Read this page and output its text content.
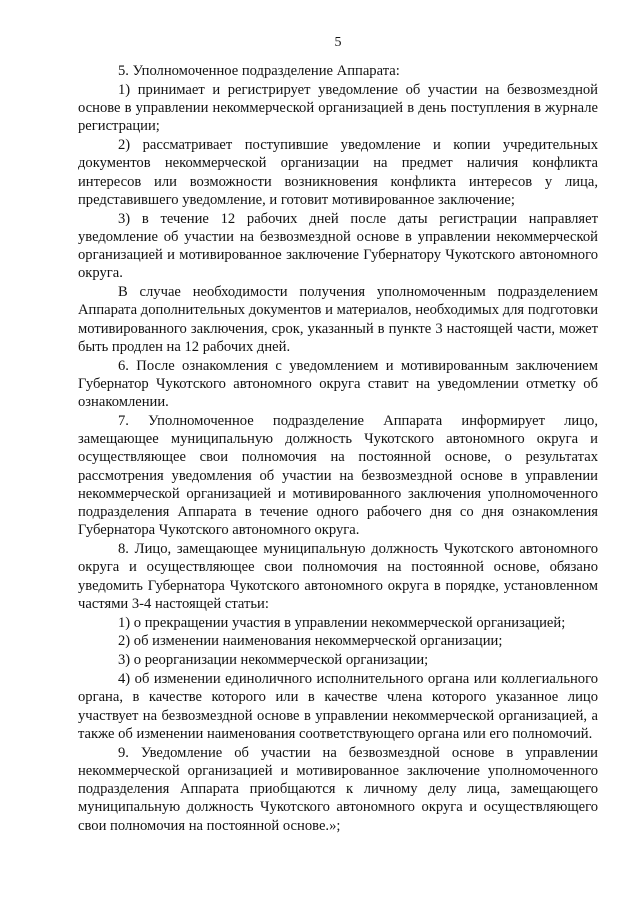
5

5. Уполномоченное подразделение Аппарата:

1) принимает и регистрирует уведомление об участии на безвозмездной основе в управлении некоммерческой организацией в день поступления в журнале регистрации;

2) рассматривает поступившие уведомление и копии учредительных документов некоммерческой организации на предмет наличия конфликта интересов или возможности возникновения конфликта интересов у лица, представившего уведомление, и готовит мотивированное заключение;

3) в течение 12 рабочих дней после даты регистрации направляет уведомление об участии на безвозмездной основе в управлении некоммерческой организацией и мотивированное заключение Губернатору Чукотского автономного округа.

В случае необходимости получения уполномоченным подразделением Аппарата дополнительных документов и материалов, необходимых для подготовки мотивированного заключения, срок, указанный в пункте 3 настоящей части, может быть продлен на 12 рабочих дней.

6. После ознакомления с уведомлением и мотивированным заключением Губернатор Чукотского автономного округа ставит на уведомлении отметку об ознакомлении.

7. Уполномоченное подразделение Аппарата информирует лицо, замещающее муниципальную должность Чукотского автономного округа и осуществляющее свои полномочия на постоянной основе, о результатах рассмотрения уведомления об участии на безвозмездной основе в управлении некоммерческой организацией и мотивированного заключения уполномоченного подразделения Аппарата в течение одного рабочего дня со дня ознакомления Губернатора Чукотского автономного округа.

8. Лицо, замещающее муниципальную должность Чукотского автономного округа и осуществляющее свои полномочия на постоянной основе, обязано уведомить Губернатора Чукотского автономного округа в порядке, установленном частями 3-4 настоящей статьи:

1) о прекращении участия в управлении некоммерческой организацией;

2) об изменении наименования некоммерческой организации;

3) о реорганизации некоммерческой организации;

4) об изменении единоличного исполнительного органа или коллегиального органа, в качестве которого или в качестве члена которого указанное лицо участвует на безвозмездной основе в управлении некоммерческой организацией, а также об изменении наименования соответствующего органа или его полномочий.

9. Уведомление об участии на безвозмездной основе в управлении некоммерческой организацией и мотивированное заключение уполномоченного подразделения Аппарата приобщаются к личному делу лица, замещающего муниципальную должность Чукотского автономного округа и осуществляющего свои полномочия на постоянной основе.»;
